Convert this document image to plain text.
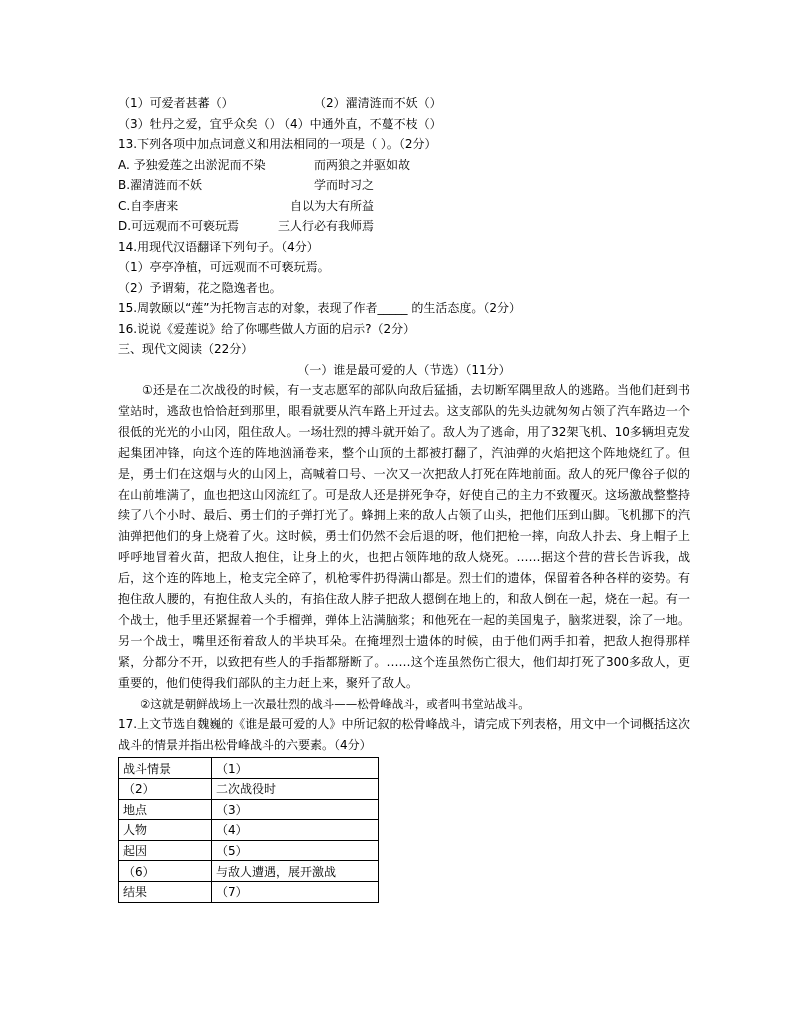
（1）可爱者甚蕃（）	（2）濯清涟而不妖（）
（3）牡丹之爱，宜乎众矣（）（4）中通外直，不蔓不枝（）
13.下列各项中加点词意义和用法相同的一项是（ ）。（2分）
A. 予独爱莲之出淤泥而不染	而两狼之并驱如故
B.濯清涟而不妖	学而时习之
C.自李唐来	自以为大有所益
D.可远观而不可亵玩焉	三人行必有我师焉
14.用现代汉语翻译下列句子。（4分）
（1）亭亭净植，可远观而不可亵玩焉。
（2）予谓菊，花之隐逸者也。
15.周敦颐以“莲”为托物言志的对象，表现了作者_____ 的生活态度。（2分）
16.说说《爱莲说》给了你哪些做人方面的启示?（2分）
三、现代文阅读（22分）
（一）谁是最可爱的人（节选）（11分）

①还是在二次战役的时候，有一支志愿军的部队向敌后猛插，去切断军隅里敌人的逃路。当他们赶到书堂站时，逃敌也恰恰赶到那里，眼看就要从汽车路上开过去。这支部队的先头边就匆匆占领了汽车路边一个很低的光光的小山冈，阻住敌人。一场壮烈的搏斗就开始了。敌人为了逃命，用了32架飞机、10多辆坦克发起集团冲锋，向这个连的阵地汹涌卷来，整个山顶的土都被打翻了，汽油弹的火焰把这个阵地烧红了。但是，勇士们在这烟与火的山冈上，高喊着口号、一次又一次把敌人打死在阵地前面。敌人的死尸像谷子似的在山前堆满了，血也把这山冈流红了。可是敌人还是拼死争夺，好使自己的主力不致覆灭。这场激战整整持续了八个小时、最后、勇士们的子弹打光了。蜂拥上来的敌人占领了山头，把他们压到山脚。飞机挪下的汽油弹把他们的身上烧着了火。这时候，勇士们仍然不会后退的呀，他们把枪一摔，向敌人扑去、身上帽子上呼呼地冒着火苗，把敌人抱住，让身上的火，也把占领阵地的敌人烧死。……据这个营的营长告诉我，战后，这个连的阵地上，枪支完全碎了，机枪零件扔得满山都是。烈士们的遗体，保留着各种各样的姿势。有抱住敌人腰的，有抱住敌人头的，有掐住敌人脖子把敌人摁倒在地上的，和敌人倒在一起，烧在一起。有一个战士，他手里还紧握着一个手榴弹，弹体上沾满脑浆；和他死在一起的美国鬼子，脑浆迸裂，涂了一地。另一个战士，嘴里还衔着敌人的半块耳朵。在掩埋烈士遗体的时候，由于他们两手扣着，把敌人抱得那样紧，分都分不开，以致把有些人的手指都掰断了。……这个连虽然伤亡很大，他们却打死了300多敌人，更重要的，他们使得我们部队的主力赶上来，聚歼了敌人。

②这就是朝鲜战场上一次最壮烈的战斗——松骨峰战斗，或者叫书堂站战斗。

17.上文节选自魏巍的《谁是最可爱的人》中所记叙的松骨峰战斗，请完成下列表格，用文中一个词概括这次战斗的情景并指出松骨峰战斗的六要素。（4分）

战斗情景	（1）
（2）	二次战役时
地点	（3）
人物	（4）
起因	（5）
（6）	与敌人遭遇，展开激战
结果	（7）
